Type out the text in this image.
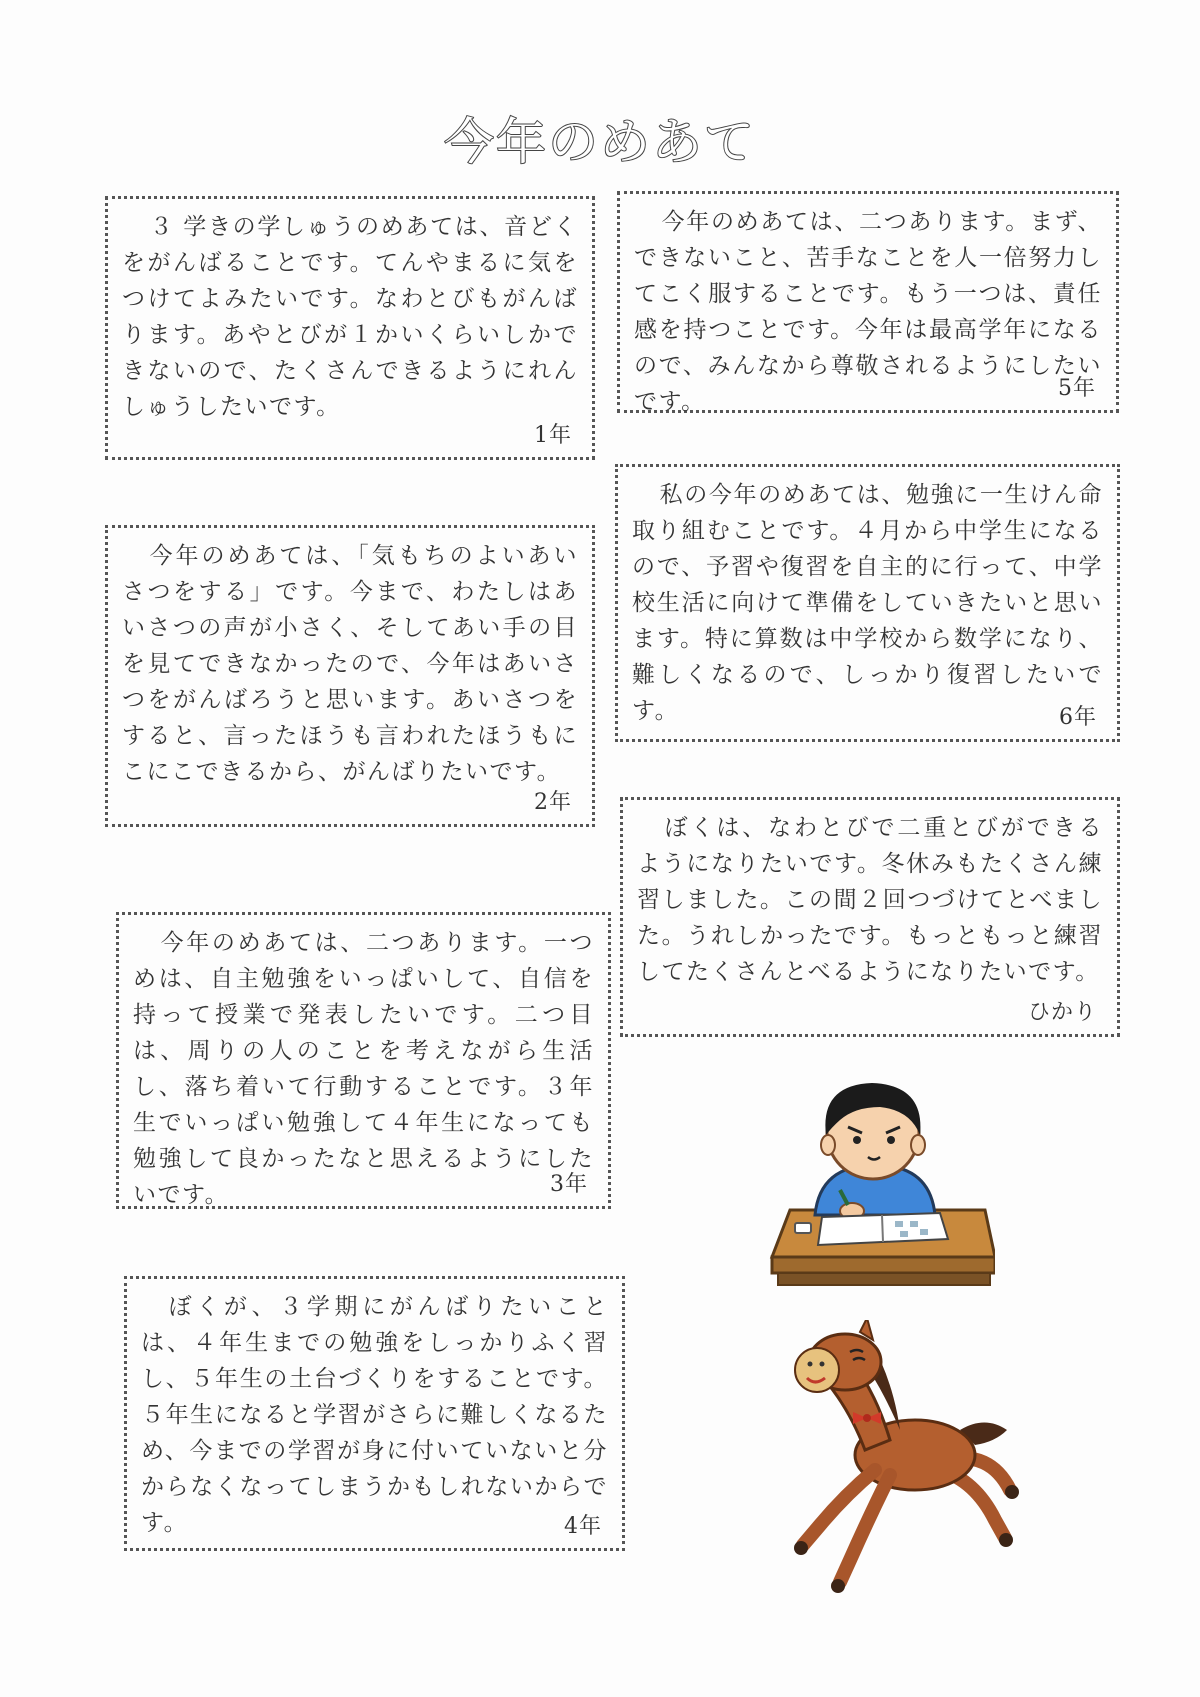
今年のめあて
３ 学きの学しゅうのめあては、音どくをがんばることです。てんやまるに気をつけてよみたいです。なわとびもがんばります。あやとびが１かいくらいしかできないので、たくさんできるようにれんしゅうしたいです。
1年
今年のめあては、「気もちのよいあいさつをする」です。今まで、わたしはあいさつの声が小さく、そしてあい手の目を見てできなかったので、今年はあいさつをがんばろうと思います。あいさつをすると、言ったほうも言われたほうもにこにこできるから、がんばりたいです。
2年
今年のめあては、二つあります。一つめは、自主勉強をいっぱいして、自信を持って授業で発表したいです。二つ目は、周りの人のことを考えながら生活し、落ち着いて行動することです。３年生でいっぱい勉強して４年生になっても勉強して良かったなと思えるようにしたいです。	3年
ぼくが、３学期にがんばりたいことは、４年生までの勉強をしっかりふく習し、５年生の土台づくりをすることです。５年生になると学習がさらに難しくなるため、今までの学習が身に付いていないと分からなくなってしまうかもしれないからです。	4年
今年のめあては、二つあります。まず、できないこと、苦手なことを人一倍努力してこく服することです。もう一つは、責任感を持つことです。今年は最高学年になるので、みんなから尊敬されるようにしたいです。
5年
私の今年のめあては、勉強に一生けん命取り組むことです。４月から中学生になるので、予習や復習を自主的に行って、中学校生活に向けて準備をしていきたいと思います。特に算数は中学校から数学になり、難しくなるので、しっかり復習したいです。	6年
ぼくは、なわとびで二重とびができるようになりたいです。冬休みもたくさん練習しました。この間２回つづけてとべました。うれしかったです。もっともっと練習してたくさんとべるようになりたいです。
ひかり
